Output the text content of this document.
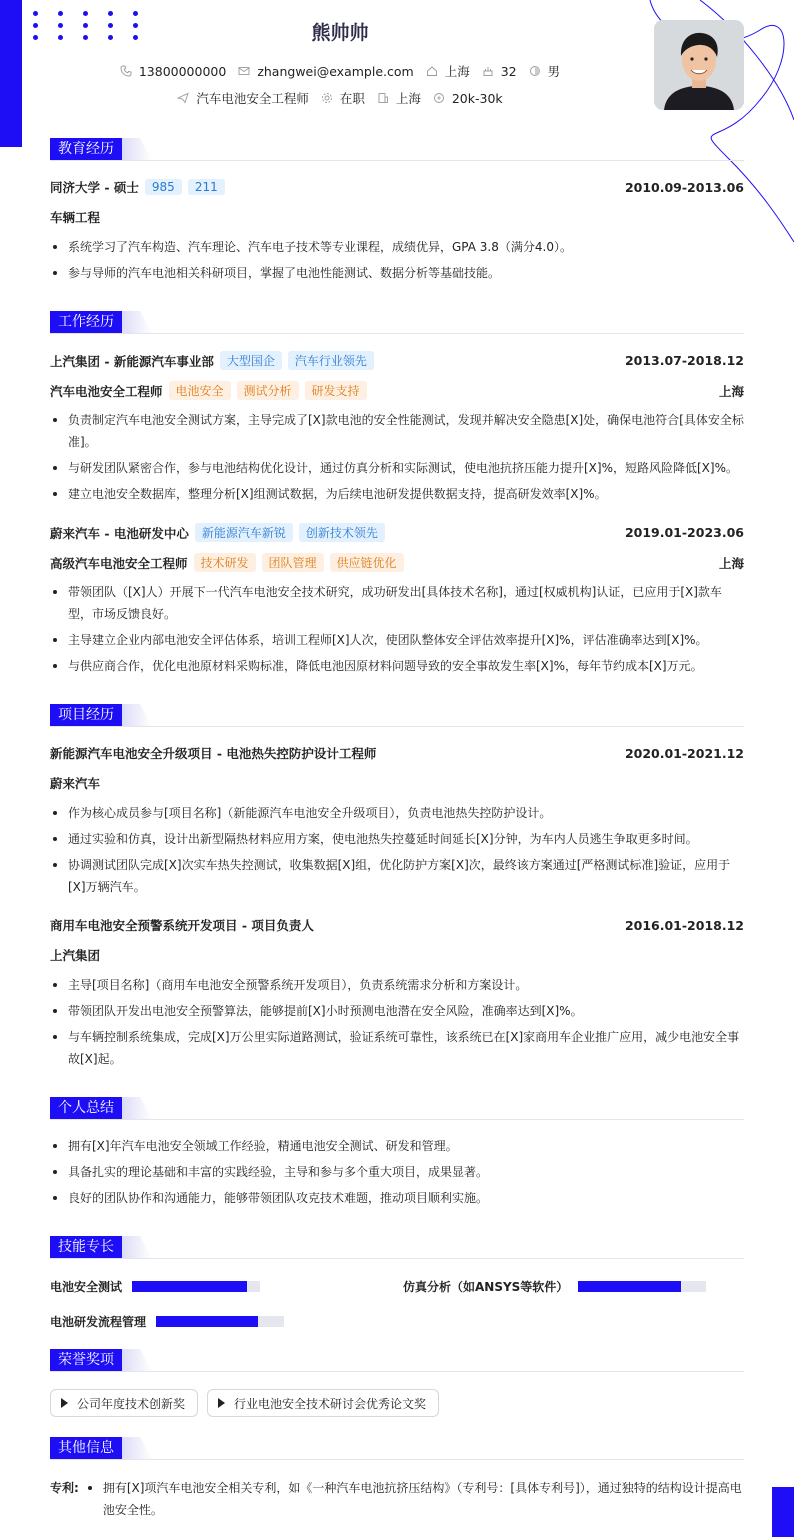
熊帅帅
13800000000 zhangwei@example.com 上海 32 男
汽车电池安全工程师 在职 上海 20k-30k
教育经历
同济大学 - 硕士	985	211	2010.09-2013.06
车辆工程
系统学习了汽车构造、汽车理论、汽车电子技术等专业课程，成绩优异，GPA 3.8（满分4.0）。
参与导师的汽车电池相关科研项目，掌握了电池性能测试、数据分析等基础技能。
工作经历
上汽集团 - 新能源汽车事业部	大型国企	汽车行业领先	2013.07-2018.12
汽车电池安全工程师	电池安全	测试分析	研发支持	上海
负责制定汽车电池安全测试方案，主导完成了[X]款电池的安全性能测试，发现并解决安全隐患[X]处，确保电池符合[具体安全标准]。
与研发团队紧密合作，参与电池结构优化设计，通过仿真分析和实际测试，使电池抗挤压能力提升[X]%，短路风险降低[X]%。
建立电池安全数据库，整理分析[X]组测试数据，为后续电池研发提供数据支持，提高研发效率[X]%。
蔚来汽车 - 电池研发中心	新能源汽车新锐	创新技术领先	2019.01-2023.06
高级汽车电池安全工程师	技术研发	团队管理	供应链优化	上海
带领团队（[X]人）开展下一代汽车电池安全技术研究，成功研发出[具体技术名称]，通过[权威机构]认证，已应用于[X]款车型，市场反馈良好。
主导建立企业内部电池安全评估体系，培训工程师[X]人次，使团队整体安全评估效率提升[X]%，评估准确率达到[X]%。
与供应商合作，优化电池原材料采购标准，降低电池因原材料问题导致的安全事故发生率[X]%，每年节约成本[X]万元。
项目经历
新能源汽车电池安全升级项目 - 电池热失控防护设计工程师	2020.01-2021.12
蔚来汽车
作为核心成员参与[项目名称]（新能源汽车电池安全升级项目），负责电池热失控防护设计。
通过实验和仿真，设计出新型隔热材料应用方案，使电池热失控蔓延时间延长[X]分钟，为车内人员逃生争取更多时间。
协调测试团队完成[X]次实车热失控测试，收集数据[X]组，优化防护方案[X]次，最终该方案通过[严格测试标准]验证，应用于[X]万辆汽车。
商用车电池安全预警系统开发项目 - 项目负责人	2016.01-2018.12
上汽集团
主导[项目名称]（商用车电池安全预警系统开发项目），负责系统需求分析和方案设计。
带领团队开发出电池安全预警算法，能够提前[X]小时预测电池潜在安全风险，准确率达到[X]%。
与车辆控制系统集成，完成[X]万公里实际道路测试，验证系统可靠性，该系统已在[X]家商用车企业推广应用，减少电池安全事故[X]起。
个人总结
拥有[X]年汽车电池安全领域工作经验，精通电池安全测试、研发和管理。
具备扎实的理论基础和丰富的实践经验，主导和参与多个重大项目，成果显著。
良好的团队协作和沟通能力，能够带领团队攻克技术难题，推动项目顺利实施。
技能专长
电池安全测试	仿真分析（如ANSYS等软件）
电池研发流程管理
荣誉奖项
公司年度技术创新奖	行业电池安全技术研讨会优秀论文奖
其他信息
专利:	拥有[X]项汽车电池安全相关专利，如《一种汽车电池抗挤压结构》（专利号：[具体专利号]），通过独特的结构设计提高电池安全性。
